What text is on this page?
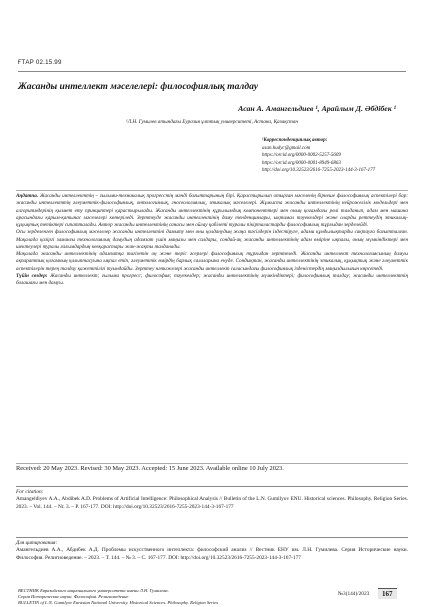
ҒТАР 02.15.99
Жасанды интеллект мәселелері: философиялық талдау
Асан А. Амангельдиев ¹, Арайлым Д. Әбдібек ¹
¹Л.Н. Гумилев атындағы Еуразия ұлттық университеті, Астана, Қазақстан
¹Корреспонденциялық автор:
asan.hudyc@gmail.com
https://orcid.org/0000-0002-5257-5609
https://orcid.org/0000-0001-8949-6863
http://doi.org/10.32523/2616-7255-2023-144-3-167-177

Аңдатпа. Жасанды интеллекттің – ғылыми-техникалық прогресстің мәнді бағыттарының бірі. Қарастырылып отырған мәселенің бірнеше философиялық аспектілері бар: жасанды интеллекттің әлеуметтік-философиялық, онтологиялық, гносеологиялық, этикалық мәселелері. Жұмыста жасанды интеллектінің нейрожелілік модельдері мен алгоритмдерінің қызмет ету принциптері қарастырылады. Жасанды интеллектінің құрылымдық компоненттері мен оның қоғамдағы рөлі талданып, адам мен машина арасындағы қарым-қатынас мәселелері көтеріледі. Зерттеуде жасанды интеллектінің даму тенденциялары, ықтимал тәуекелдері және оларды реттеудің этикалық-құқықтық тетіктері сипатталады. Автор жасанды интеллектінің санасы мен ойлау қабілеті туралы пікірталастарды философиялық тұрғыдан зерделейді.

Осы зерделенген философиялық мәселелер жасанды интеллектіні дамыту мен оны қолданудың жаңа тәсілдерін іздестіруге, адами құндылықтарды сақтауға бағытталған. Мақалада қазіргі заманғы технологиялық дамудың адамзат үшін маңызы мен салдары, сондай-ақ жасанды интеллектінің адам өміріне ықпалы, оның мүмкіндіктері мен шектеулері туралы ғалымдардың көзқарастары жан-жақты талданады.

Мақалада жасанды интеллектінің адамзатқа тигізетін оң және теріс әсерлері философиялық тұрғыдан зерттеледі. Жасанды интеллект технологиясының дамуы ақпараттық қоғамның қалыптасуына ықпал етіп, әлеуметтік өмірдің барлық салаларына енуде. Сондықтан, жасанды интеллектінің этикалық, құқықтық және әлеуметтік аспектілерін терең талдау қажеттілігі туындайды. Зерттеу нәтижелері жасанды интеллект саласындағы философиялық ізденістердің маңыздылығын көрсетеді.

Түйін сөздер: Жасанды интеллект; ғылыми прогресс; философия; тәуекелдер; жасанды интеллектінің мүмкіндіктері; философиялық талдау; жасанды интеллекттің болашағы мен дамуы.

Received: 20 May 2023. Revised: 30 May 2023. Accepted: 15 June 2023. Available online 10 July 2023.
For citation:
Amangeldiyev A.A., Abdibek A.D. Problems of Artificial Intelligence: Philosophical Analysis // Bulletin of the L.N. Gumilyov ENU. Historical sciences. Philosophy. Religion Series. 2023. – Vol. 144. – Nr. 3. – P. 167-177. DOI: http://doi.org/10.32523/2616-7255-2023-144-3-167-177
Для цитирования:
Амангельдиев А.А., Абдибек А.Д. Проблемы искусственного интеллекта: философский анализ // Вестник ЕНУ им. Л.Н. Гумилева. Серия Исторические науки. Философия. Религиоведение. – 2023. – Т. 144. – № 3. – С. 167-177. DOI: http://doi.org/10.32523/2616-7255-2023-144-3-167-177
ВЕСТНИК Евразийского национального университета имени Л.Н. Гумилева.
Серия Исторические науки. Философия. Религиоведение
BULLETIN of L.N. Gumilyov Eurasian National University. Historical Sciences. Philosophy. Religion Series
№3(144)/2023	167
